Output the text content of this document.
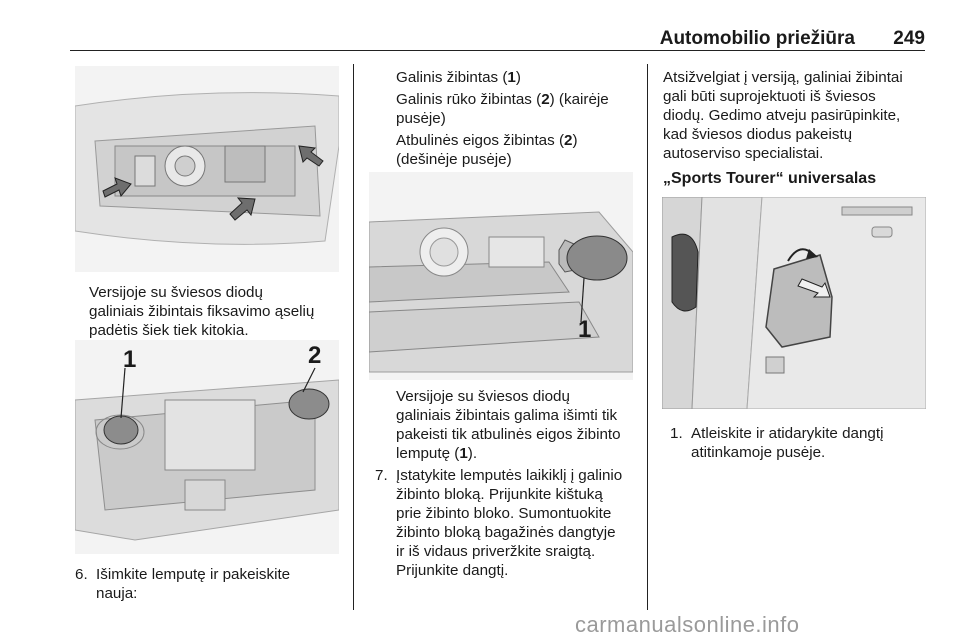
Automobilio priežiūra 249
Versijoje su šviesos diodų
galiniais žibintais fiksavimo ąselių
padėtis šiek tiek kitokia.
1	2
6. Išimkite lemputę ir pakeiskite
nauja:
Galinis žibintas (1)
Galinis rūko žibintas (2) (kairėje
pusėje)
Atbulinės eigos žibintas (2)
(dešinėje pusėje)
1
Versijoje su šviesos diodų
galiniais žibintais galima išimti tik
pakeisti tik atbulinės eigos žibinto
lemputę (1).
7. Įstatykite lemputės laikiklį į galinio
žibinto bloką. Prijunkite kištuką
prie žibinto bloko. Sumontuokite
žibinto bloką bagažinės dangtyje
ir iš vidaus priveržkite sraigtą.
Prijunkite dangtį.
Atsižvelgiat į versiją, galiniai žibintai
gali būti suprojektuoti iš šviesos
diodų. Gedimo atveju pasirūpinkite,
kad šviesos diodus pakeistų
autoserviso specialistai.
„Sports Tourer“ universalas
1. Atleiskite ir atidarykite dangtį
atitinkamoje pusėje.
carmanualsonline.info
